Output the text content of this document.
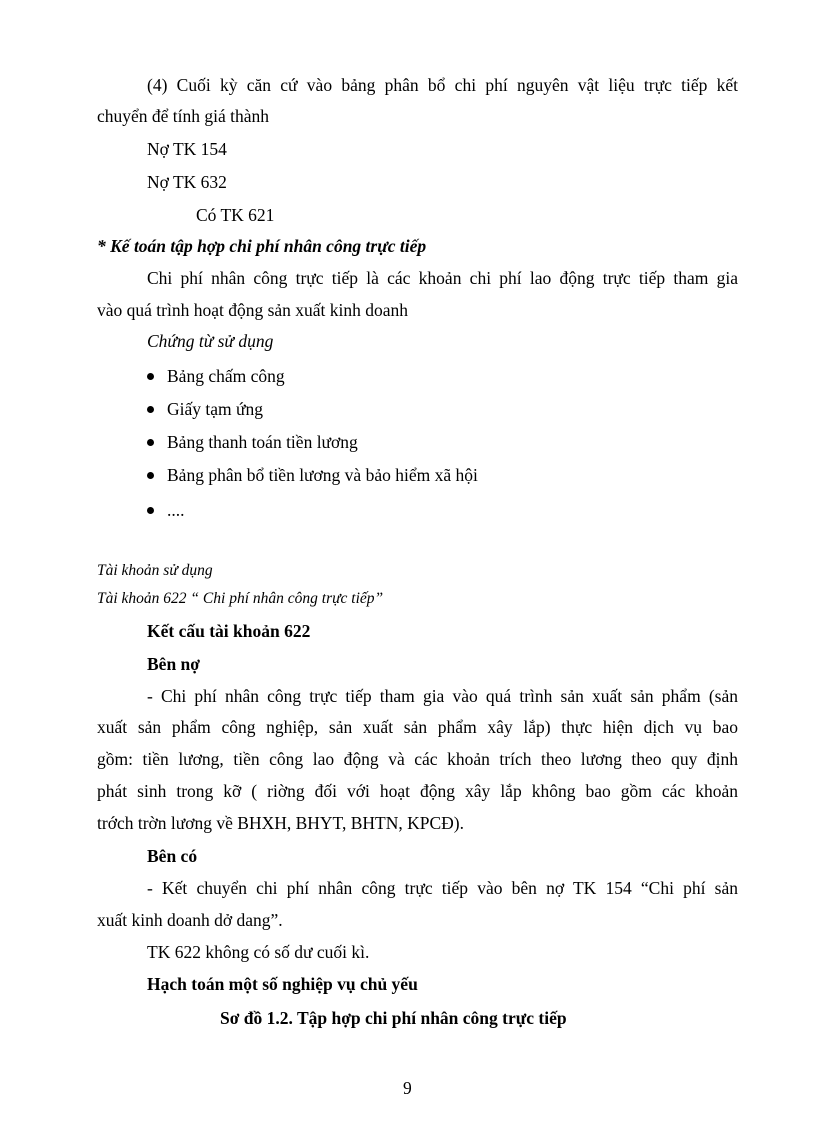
(4) Cuối kỳ căn cứ vào bảng phân bổ chi phí nguyên vật liệu trực tiếp kết
chuyển để tính giá thành
Nợ TK 154
Nợ TK 632
Có TK 621
* Kế toán tập hợp chi phí nhân công trực tiếp
Chi phí nhân công trực tiếp là các khoản chi phí lao động trực tiếp tham gia
vào quá trình hoạt động sản xuất kinh doanh
Chứng từ sử dụng
Bảng chấm công
Giấy tạm ứng
Bảng thanh toán tiền lương
Bảng phân bổ tiền lương và bảo hiểm xã hội
....
Tài khoản sử dụng
Tài khoản 622 “ Chi phí nhân công trực tiếp”
Kết cấu tài khoản 622
Bên nợ
- Chi phí nhân công trực tiếp tham gia vào quá trình sản xuất sản phẩm (sản
xuất sản phẩm công nghiệp, sản xuất sản phẩm xây lắp) thực hiện dịch vụ bao
gồm: tiền lương, tiền công lao động và các khoản trích theo lương theo quy định
phát sinh trong kỡ ( riờng đối với hoạt động xây lắp không bao gồm các khoản
trớch trờn lương về BHXH, BHYT, BHTN, KPCĐ).
Bên có
- Kết chuyển chi phí nhân công trực tiếp vào bên nợ TK 154 “Chi phí sản
xuất kinh doanh dở dang”.
TK 622 không có số dư cuối kì.
Hạch toán một số nghiệp vụ chủ yếu
Sơ đồ 1.2. Tập hợp chi phí nhân công trực tiếp
9
